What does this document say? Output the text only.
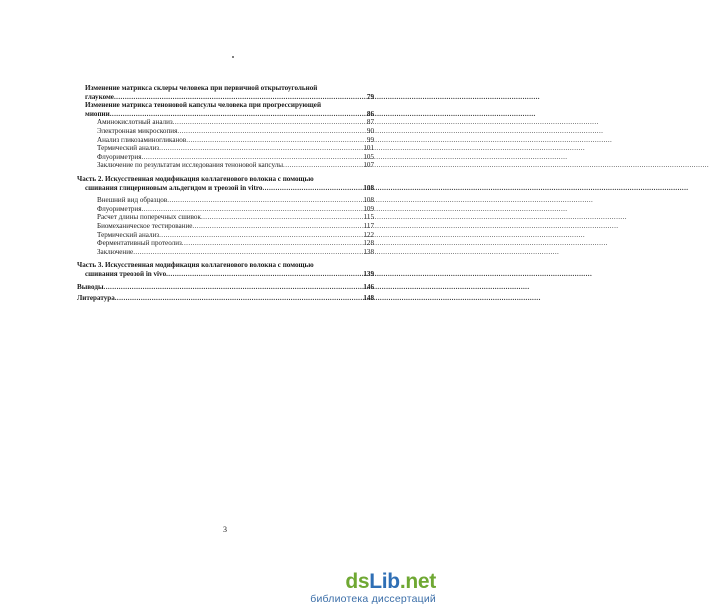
Изменение матрикса склеры человека при первичной открытоугольной
глаукоме .....	79
Изменение матрикса теноновой капсулы человека при прогрессирующей
миопии .....	86
Аминокислотный анализ .....	87
Электронная микроскопия .....	90
Анализ гликозаминогликанов .....	99
Термический анализ .....	101
Флуориметрия .....	105
Заключение по результатам исследования теноновой капсулы .....	107
Часть 2. Искусственная модификация коллагенового волокна с помощью
сшивания глицериновым альдегидом и треозой in vitro .....	108
Внешний вид образцов .....	108
Флуориметрия .....	109
Расчет длины поперечных сшивок .....	115
Биомеханическое тестирование .....	117
Термический анализ .....	122
Ферментативный протеолиз .....	128
Заключение .....	138
Часть 3. Искусственная модификация коллагенового волокна с помощью
сшивания треозой in vivo .....	139
Выводы .....	146
Литература .....	148
3
dsLib.net
библиотека диссертаций
